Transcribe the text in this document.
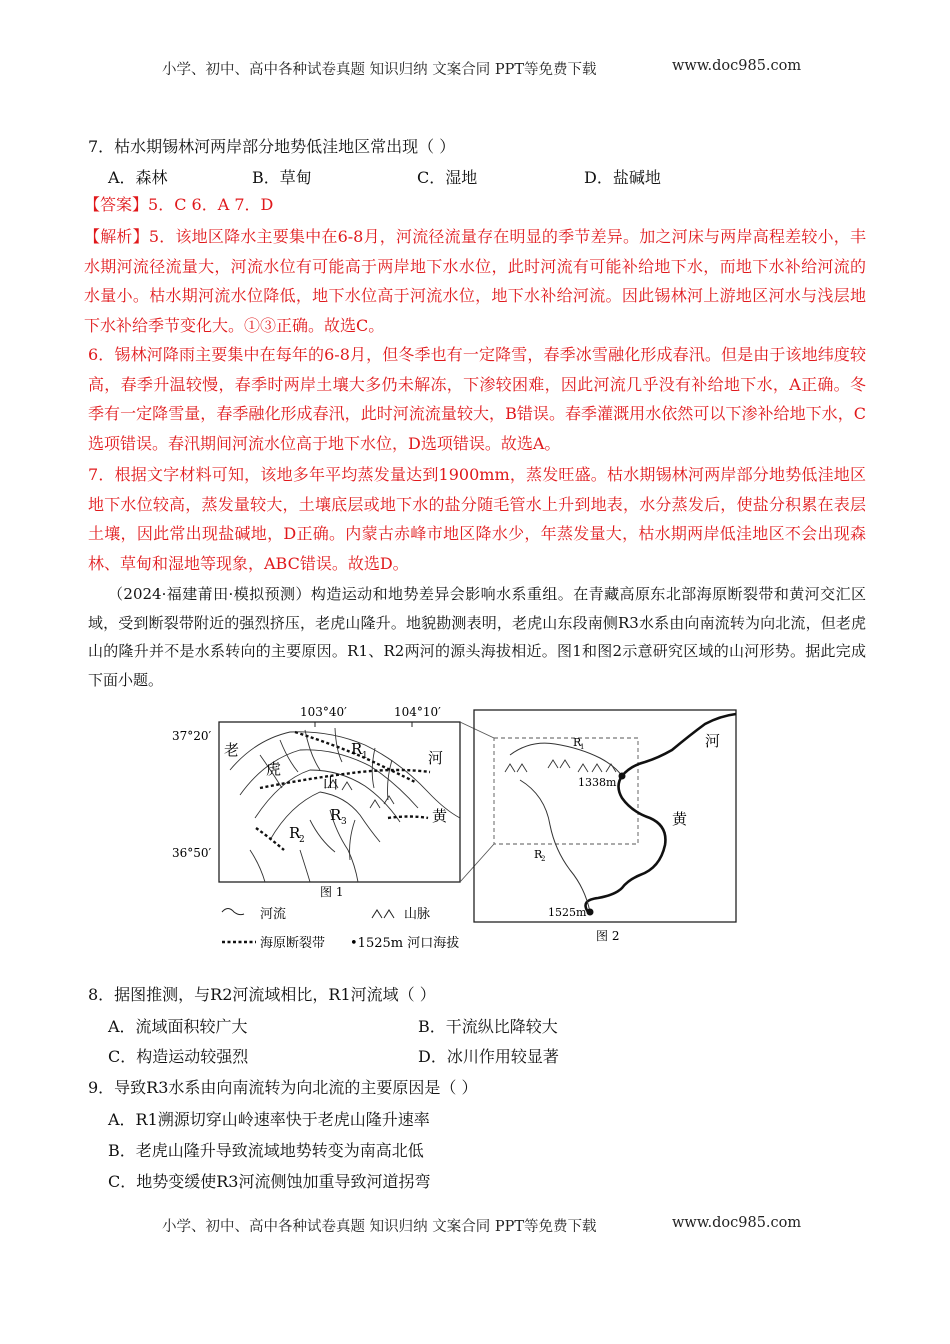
小学、初中、高中各种试卷真题 知识归纳 文案合同 PPT等免费下载	www.doc985.com
7．枯水期锡林河两岸部分地势低洼地区常出现（ ）
A．森林	B．草甸	C．湿地	D．盐碱地
【答案】5．C 6．A 7．D
【解析】5．该地区降水主要集中在6-8月，河流径流量存在明显的季节差异。加之河床与两岸高程差较小，丰水期河流径流量大，河流水位有可能高于两岸地下水水位，此时河流有可能补给地下水，而地下水补给河流的水量小。枯水期河流水位降低，地下水位高于河流水位，地下水补给河流。因此锡林河上游地区河水与浅层地下水补给季节变化大。①③正确。故选C。
6．锡林河降雨主要集中在每年的6-8月，但冬季也有一定降雪，春季冰雪融化形成春汛。但是由于该地纬度较高，春季升温较慢，春季时两岸土壤大多仍未解冻，下渗较困难，因此河流几乎没有补给地下水，A正确。冬季有一定降雪量，春季融化形成春汛，此时河流流量较大，B错误。春季灌溉用水依然可以下渗补给地下水，C选项错误。春汛期间河流水位高于地下水位，D选项错误。故选A。
7．根据文字材料可知，该地多年平均蒸发量达到1900mm，蒸发旺盛。枯水期锡林河两岸部分地势低洼地区地下水位较高，蒸发量较大，土壤底层或地下水的盐分随毛管水上升到地表，水分蒸发后，使盐分积累在表层土壤，因此常出现盐碱地，D正确。内蒙古赤峰市地区降水少，年蒸发量大，枯水期两岸低洼地区不会出现森林、草甸和湿地等现象，ABC错误。故选D。
（2024·福建莆田·模拟预测）构造运动和地势差异会影响水系重组。在青藏高原东北部海原断裂带和黄河交汇区域，受到断裂带附近的强烈挤压，老虎山隆升。地貌勘测表明，老虎山东段南侧R3水系由向南流转为向北流，但老虎山的隆升并不是水系转向的主要原因。R1、R2两河的源头海拔相近。图1和图2示意研究区域的山河形势。据此完成下面小题。
103°40′	104°10′
37°20′
36°50′
老
虎
山
河
黄
R 1
R
2
R 3
图 1
R
1
R
2
1338m
1525m
河
黄
图 2
河流	山脉
海原断裂带 •1525m 河口海拔
8．据图推测，与R2河流域相比，R1河流域（ ）
A．流域面积较广大	B．干流纵比降较大
C．构造运动较强烈	D．冰川作用较显著
9．导致R3水系由向南流转为向北流的主要原因是（ ）
A．R1溯源切穿山岭速率快于老虎山隆升速率
B．老虎山隆升导致流域地势转变为南高北低
C．地势变缓使R3河流侧蚀加重导致河道拐弯
小学、初中、高中各种试卷真题 知识归纳 文案合同 PPT等免费下载	www.doc985.com
